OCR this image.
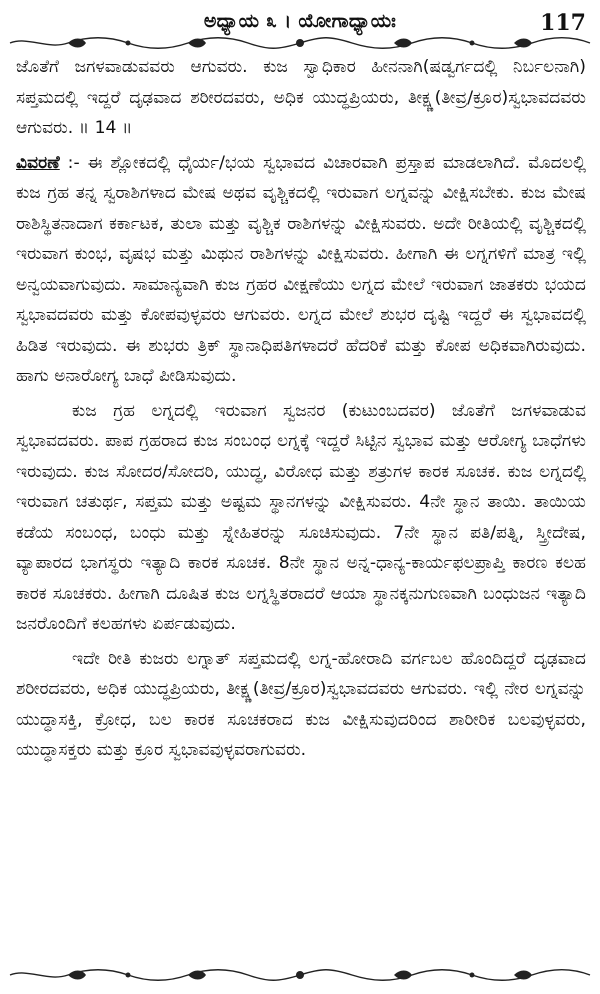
ಅಧ್ಯಾಯ ೩ । ಯೋಗಾಧ್ಯಾಯಃ	117

ಜೊತೆಗೆ ಜಗಳವಾಡುವವರು ಆಗುವರು. ಕುಜ ಸ್ವಾಧಿಕಾರ ಹೀನನಾಗಿ(ಷಡ್ವರ್ಗದಲ್ಲಿ ನಿರ್ಬಲನಾಗಿ) ಸಪ್ತಮದಲ್ಲಿ ಇದ್ದರೆ ದೃಢವಾದ ಶರೀರದವರು, ಅಧಿಕ ಯುದ್ಧಪ್ರಿಯರು, ತೀಕ್ಷ್ಣ(ತೀವ್ರ/ಕ್ರೂರ)ಸ್ವಭಾವದವರು ಆಗುವರು. ॥ 14 ॥

ವಿವರಣೆ :- ಈ ಶ್ಲೋಕದಲ್ಲಿ ಧೈರ್ಯ/ಭಯ ಸ್ವಭಾವದ ವಿಚಾರವಾಗಿ ಪ್ರಸ್ತಾಪ ಮಾಡಲಾಗಿದೆ. ಮೊದಲಲ್ಲಿ ಕುಜ ಗ್ರಹ ತನ್ನ ಸ್ವರಾಶಿಗಳಾದ ಮೇಷ ಅಥವ ವೃಶ್ಚಿಕದಲ್ಲಿ ಇರುವಾಗ ಲಗ್ನವನ್ನು ವೀಕ್ಷಿಸಬೇಕು. ಕುಜ ಮೇಷ ರಾಶಿಸ್ಥಿತನಾದಾಗ ಕರ್ಕಾಟಕ, ತುಲಾ ಮತ್ತು ವೃಶ್ಚಿಕ ರಾಶಿಗಳನ್ನು ವೀಕ್ಷಿಸುವರು. ಅದೇ ರೀತಿಯಲ್ಲಿ ವೃಶ್ಚಿಕದಲ್ಲಿ ಇರುವಾಗ ಕುಂಭ, ವೃಷಭ ಮತ್ತು ಮಿಥುನ ರಾಶಿಗಳನ್ನು ವೀಕ್ಷಿಸುವರು. ಹೀಗಾಗಿ ಈ ಲಗ್ನಗಳಿಗೆ ಮಾತ್ರ ಇಲ್ಲಿ ಅನ್ವಯವಾಗುವುದು. ಸಾಮಾನ್ಯವಾಗಿ ಕುಜ ಗ್ರಹರ ವೀಕ್ಷಣೆಯು ಲಗ್ನದ ಮೇಲೆ ಇರುವಾಗ ಜಾತಕರು ಭಯದ ಸ್ವಭಾವದವರು ಮತ್ತು ಕೋಪವುಳ್ಳವರು ಆಗುವರು. ಲಗ್ನದ ಮೇಲೆ ಶುಭರ ದೃಷ್ಟಿ ಇದ್ದರೆ ಈ ಸ್ವಭಾವದಲ್ಲಿ ಹಿಡಿತ ಇರುವುದು. ಈ ಶುಭರು ತ್ರಿಕ್ ಸ್ಥಾನಾಧಿಪತಿಗಳಾದರೆ ಹೆದರಿಕೆ ಮತ್ತು ಕೋಪ ಅಧಿಕವಾಗಿರುವುದು. ಹಾಗು ಅನಾರೋಗ್ಯ ಬಾಧೆ ಪೀಡಿಸುವುದು.

ಕುಜ ಗ್ರಹ ಲಗ್ನದಲ್ಲಿ ಇರುವಾಗ ಸ್ವಜನರ (ಕುಟುಂಬದವರ) ಜೊತೆಗೆ ಜಗಳವಾಡುವ ಸ್ವಭಾವದವರು. ಪಾಪ ಗ್ರಹರಾದ ಕುಜ ಸಂಬಂಧ ಲಗ್ನಕ್ಕೆ ಇದ್ದರೆ ಸಿಟ್ಟಿನ ಸ್ವಭಾವ ಮತ್ತು ಆರೋಗ್ಯ ಬಾಧೆಗಳು ಇರುವುದು. ಕುಜ ಸೋದರ/ಸೋದರಿ, ಯುದ್ಧ, ವಿರೋಧ ಮತ್ತು ಶತ್ರುಗಳ ಕಾರಕ ಸೂಚಕ. ಕುಜ ಲಗ್ನದಲ್ಲಿ ಇರುವಾಗ ಚತುರ್ಥ, ಸಪ್ತಮ ಮತ್ತು ಅಷ್ಟಮ ಸ್ಥಾನಗಳನ್ನು ವೀಕ್ಷಿಸುವರು. 4ನೇ ಸ್ಥಾನ ತಾಯಿ. ತಾಯಿಯ ಕಡೆಯ ಸಂಬಂಧ, ಬಂಧು ಮತ್ತು ಸ್ನೇಹಿತರನ್ನು ಸೂಚಿಸುವುದು. 7ನೇ ಸ್ಥಾನ ಪತಿ/ಪತ್ನಿ, ಸ್ತ್ರೀದೇಷ, ವ್ಯಾಪಾರದ ಭಾಗಸ್ಥರು ಇತ್ಯಾದಿ ಕಾರಕ ಸೂಚಕ. 8ನೇ ಸ್ಥಾನ ಅನ್ನ-ಧಾನ್ಯ-ಕಾರ್ಯಫಲಪ್ರಾಪ್ತಿ ಕಾರಣ ಕಲಹ ಕಾರಕ ಸೂಚಕರು. ಹೀಗಾಗಿ ದೂಷಿತ ಕುಜ ಲಗ್ನಸ್ಥಿತರಾದರೆ ಆಯಾ ಸ್ಥಾನಕ್ಕನುಗುಣವಾಗಿ ಬಂಧುಜನ ಇತ್ಯಾದಿ ಜನರೊಂದಿಗೆ ಕಲಹಗಳು ಏರ್ಪಡುವುದು.

ಇದೇ ರೀತಿ ಕುಜರು ಲಗ್ನಾತ್ ಸಪ್ತಮದಲ್ಲಿ ಲಗ್ನ-ಹೋರಾದಿ ವರ್ಗಬಲ ಹೊಂದಿದ್ದರೆ ದೃಢವಾದ ಶರೀರದವರು, ಅಧಿಕ ಯುದ್ಧಪ್ರಿಯರು, ತೀಕ್ಷ್ಣ(ತೀವ್ರ/ಕ್ರೂರ)ಸ್ವಭಾವದವರು ಆಗುವರು. ಇಲ್ಲಿ ನೇರ ಲಗ್ನವನ್ನು ಯುದ್ಧಾಸಕ್ತಿ, ಕ್ರೋಧ, ಬಲ ಕಾರಕ ಸೂಚಕರಾದ ಕುಜ ವೀಕ್ಷಿಸುವುದರಿಂದ ಶಾರೀರಿಕ ಬಲವುಳ್ಳವರು, ಯುದ್ಧಾಸಕ್ತರು ಮತ್ತು ಕ್ರೂರ ಸ್ವಭಾವವುಳ್ಳವರಾಗುವರು.
